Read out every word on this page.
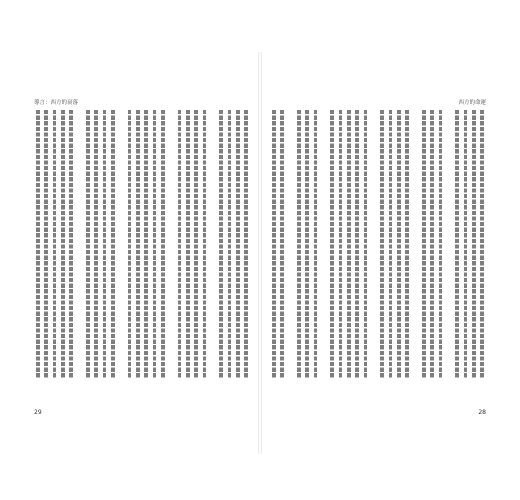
導言：西方的衰落
29
西方的命運
28
